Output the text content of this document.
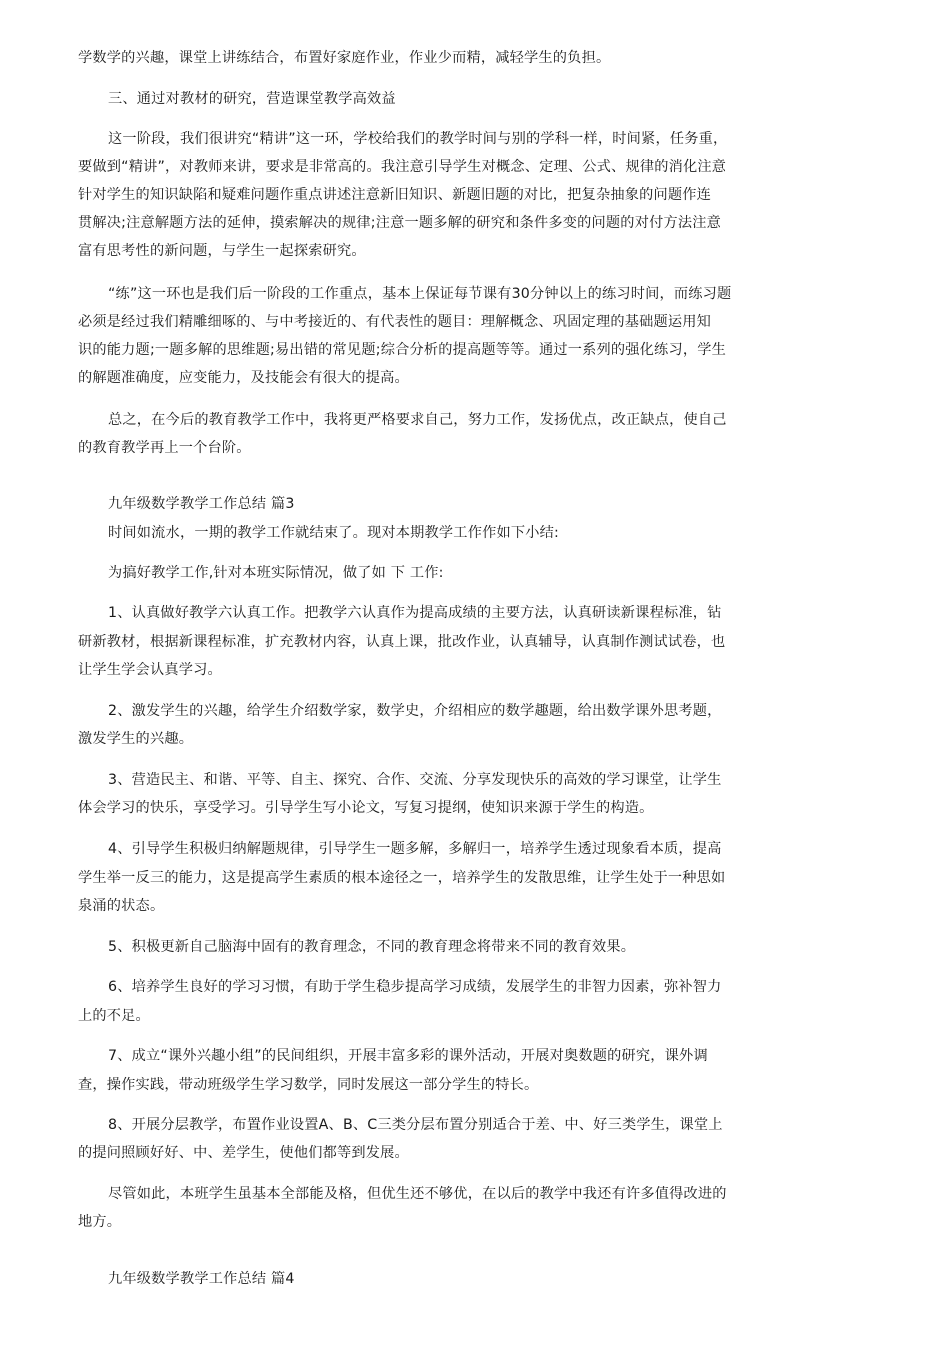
学数学的兴趣，课堂上讲练结合，布置好家庭作业，作业少而精，减轻学生的负担。
三、通过对教材的研究，营造课堂教学高效益
这一阶段，我们很讲究“精讲”这一环，学校给我们的教学时间与别的学科一样，时间紧，任务重，
要做到“精讲”，对教师来讲，要求是非常高的。我注意引导学生对概念、定理、公式、规律的消化注意
针对学生的知识缺陷和疑难问题作重点讲述注意新旧知识、新题旧题的对比，把复杂抽象的问题作连
贯解决;注意解题方法的延伸，摸索解决的规律;注意一题多解的研究和条件多变的问题的对付方法注意
富有思考性的新问题，与学生一起探索研究。
“练”这一环也是我们后一阶段的工作重点，基本上保证每节课有30分钟以上的练习时间，而练习题
必须是经过我们精雕细啄的、与中考接近的、有代表性的题目：理解概念、巩固定理的基础题运用知
识的能力题;一题多解的思维题;易出错的常见题;综合分析的提高题等等。通过一系列的强化练习，学生
的解题准确度，应变能力，及技能会有很大的提高。
总之，在今后的教育教学工作中，我将更严格要求自己，努力工作，发扬优点，改正缺点，使自己
的教育教学再上一个台阶。
九年级数学教学工作总结 篇3
时间如流水，一期的教学工作就结束了。现对本期教学工作作如下小结:
为搞好教学工作,针对本班实际情况，做了如 下 工作:
1、认真做好教学六认真工作。把教学六认真作为提高成绩的主要方法，认真研读新课程标准，钻
研新教材，根据新课程标准，扩充教材内容，认真上课，批改作业，认真辅导，认真制作测试试卷，也
让学生学会认真学习。
2、激发学生的兴趣，给学生介绍数学家，数学史，介绍相应的数学趣题，给出数学课外思考题，
激发学生的兴趣。
3、营造民主、和谐、平等、自主、探究、合作、交流、分享发现快乐的高效的学习课堂，让学生
体会学习的快乐，享受学习。引导学生写小论文，写复习提纲，使知识来源于学生的构造。
4、引导学生积极归纳解题规律，引导学生一题多解，多解归一，培养学生透过现象看本质，提高
学生举一反三的能力，这是提高学生素质的根本途径之一，培养学生的发散思维，让学生处于一种思如
泉涌的状态。
5、积极更新自己脑海中固有的教育理念，不同的教育理念将带来不同的教育效果。
6、培养学生良好的学习习惯，有助于学生稳步提高学习成绩，发展学生的非智力因素，弥补智力
上的不足。
7、成立“课外兴趣小组”的民间组织，开展丰富多彩的课外活动，开展对奥数题的研究，课外调
查，操作实践，带动班级学生学习数学，同时发展这一部分学生的特长。
8、开展分层教学，布置作业设置A、B、C三类分层布置分别适合于差、中、好三类学生，课堂上
的提问照顾好好、中、差学生，使他们都等到发展。
尽管如此，本班学生虽基本全部能及格，但优生还不够优，在以后的教学中我还有许多值得改进的
地方。
九年级数学教学工作总结 篇4
